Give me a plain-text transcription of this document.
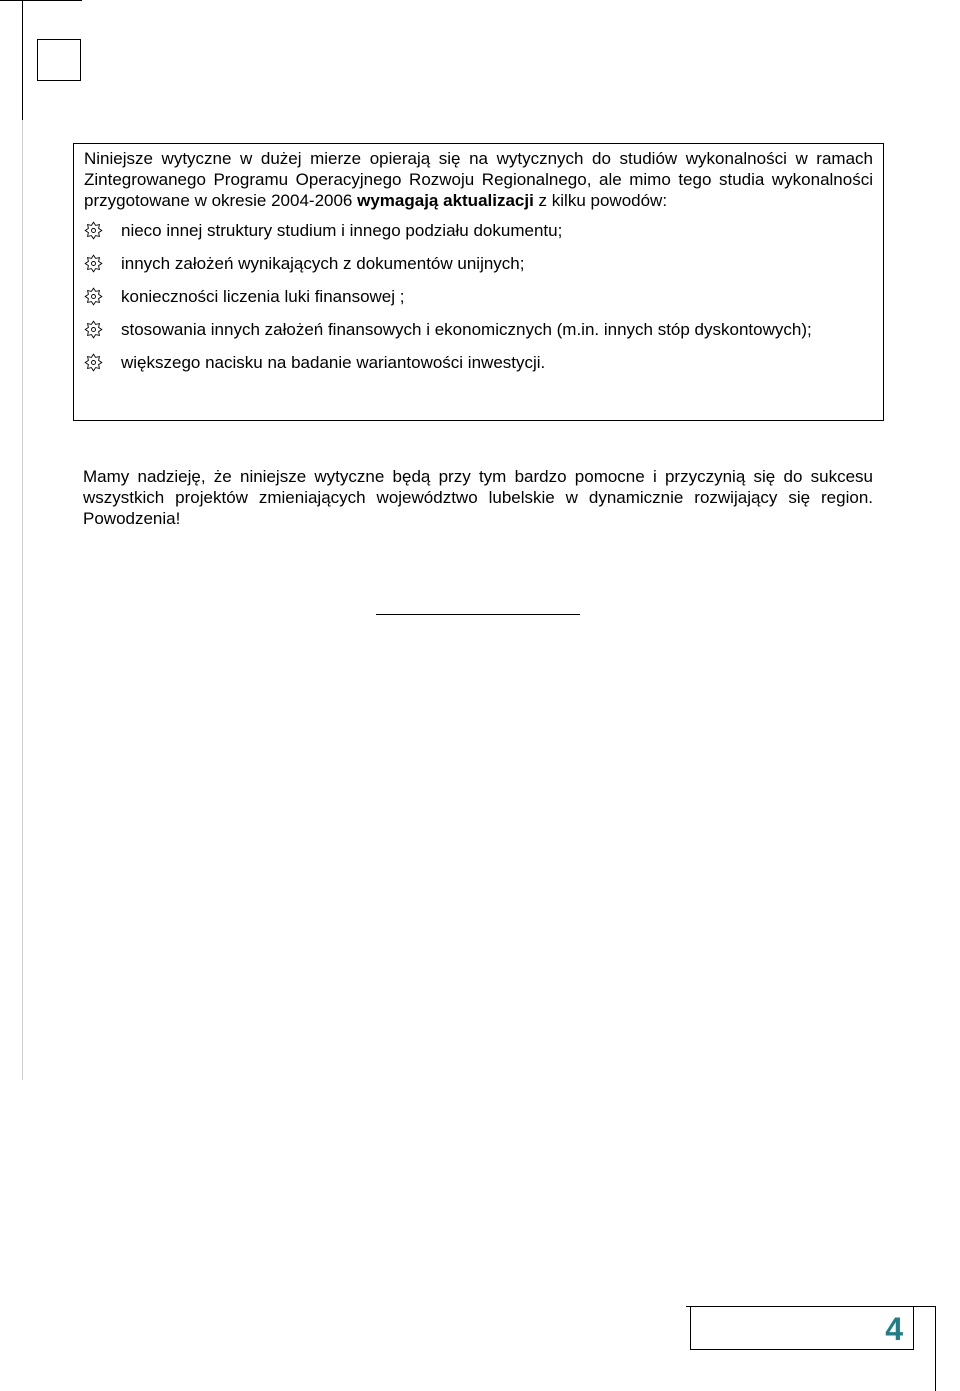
Niniejsze wytyczne w dużej mierze opierają się na wytycznych do studiów wykonalności w ramach Zintegrowanego Programu Operacyjnego Rozwoju Regionalnego, ale mimo tego studia wykonalności przygotowane w okresie 2004-2006 wymagają aktualizacji z kilku powodów:

nieco innej struktury studium i innego podziału dokumentu;
innych założeń wynikających z dokumentów unijnych;
konieczności liczenia luki finansowej ;
stosowania innych założeń finansowych i ekonomicznych (m.in. innych stóp dyskontowych);
większego nacisku na badanie wariantowości inwestycji.

Mamy nadzieję, że niniejsze wytyczne będą przy tym bardzo pomocne i przyczynią się do sukcesu wszystkich projektów zmieniających województwo lubelskie w dynamicznie rozwijający się region. Powodzenia!

4
